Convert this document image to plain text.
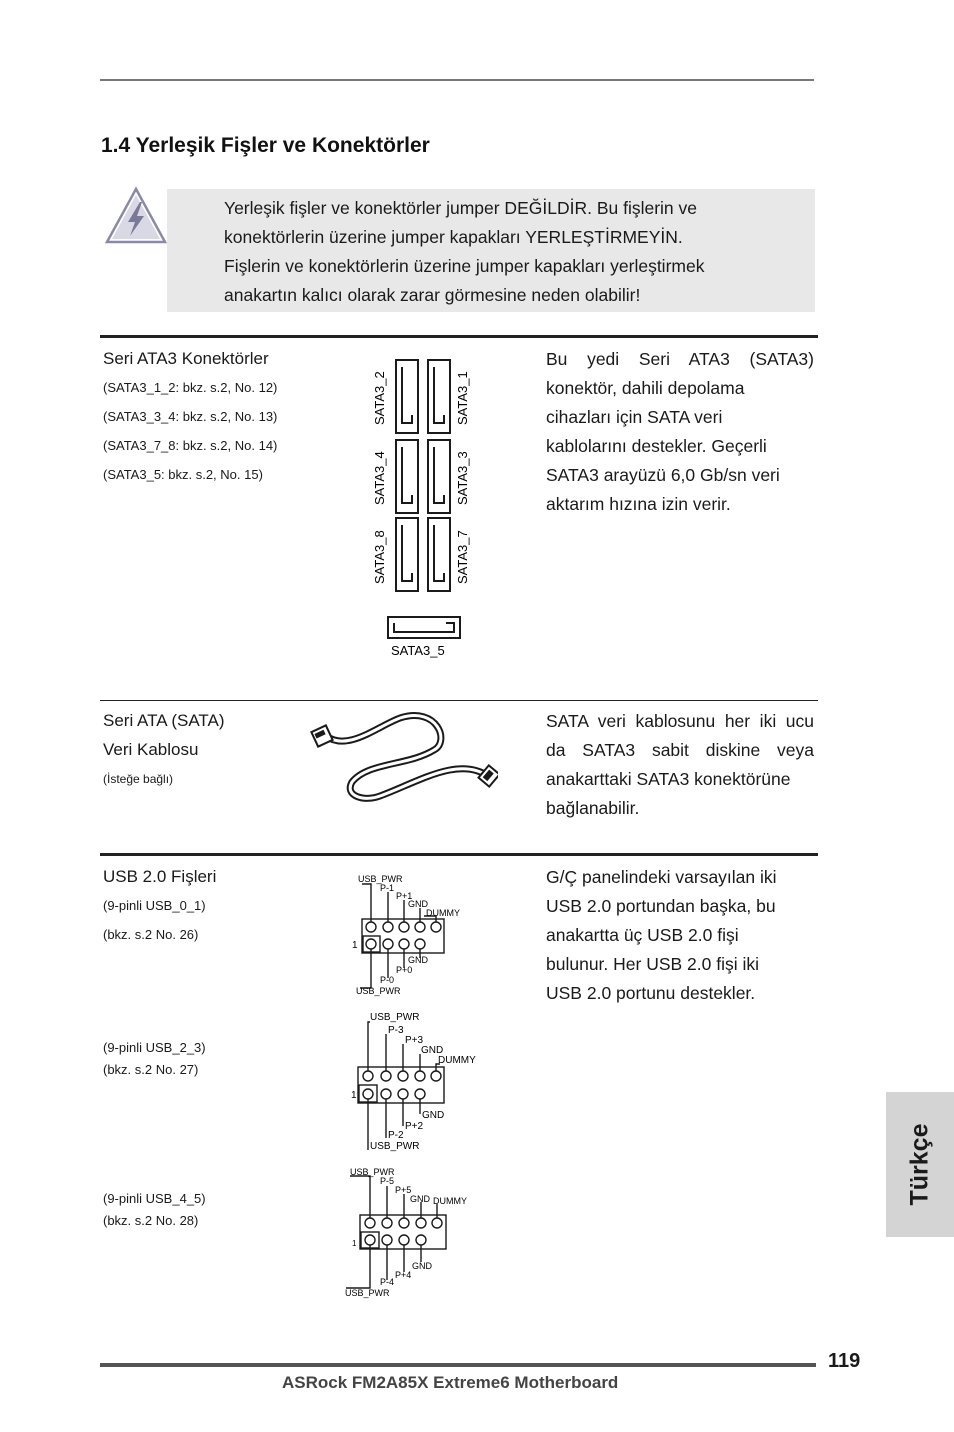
1.4 Yerleşik Fişler ve Konektörler
Yerleşik fişler ve konektörler jumper DEĞİLDİR. Bu fişlerin ve
konektörlerin üzerine jumper kapakları YERLEŞTİRMEYİN.
Fişlerin ve konektörlerin üzerine jumper kapakları yerleştirmek
anakartın kalıcı olarak zarar görmesine neden olabilir!
Seri ATA3 Konektörler
(SATA3_1_2: bkz. s.2, No. 12)
(SATA3_3_4: bkz. s.2, No. 13)
(SATA3_7_8: bkz. s.2, No. 14)
(SATA3_5: bkz. s.2, No. 15)
SATA3_2	SATA3_1
SATA3_4	SATA3_3
SATA3_8	SATA3_7
SATA3_5
Bu yedi Seri ATA3 (SATA3)
konektör, dahili depolama
cihazları için SATA veri
kablolarını destekler. Geçerli
SATA3 arayüzü 6,0 Gb/sn veri
aktarım hızına izin verir.
Seri ATA (SATA)
Veri Kablosu
(İsteğe bağlı)
SATA veri kablosunu her iki ucu
da SATA3 sabit diskine veya
anakarttaki SATA3 konektörüne
bağlanabilir.
USB 2.0 Fişleri
(9-pinli USB_0_1)
(bkz. s.2 No. 26)
USB_PWR
P-1
P+1
GND
DUMMY
1
GND
P+0
P-0
USB_PWR
G/Ç panelindeki varsayılan iki
USB 2.0 portundan başka, bu
anakartta üç USB 2.0 fişi
bulunur. Her USB 2.0 fişi iki
USB 2.0 portunu destekler.
(9-pinli USB_2_3)
(bkz. s.2 No. 27)
USB_PWR
P-3
P+3
GND
DUMMY
1
GND
P+2
P-2
USB_PWR
(9-pinli USB_4_5)
(bkz. s.2 No. 28)
USB_PWR
P-5
P+5
GND DUMMY
1
GND
P+4
P-4
USB_PWR
Türkçe
119
ASRock FM2A85X Extreme6 Motherboard
